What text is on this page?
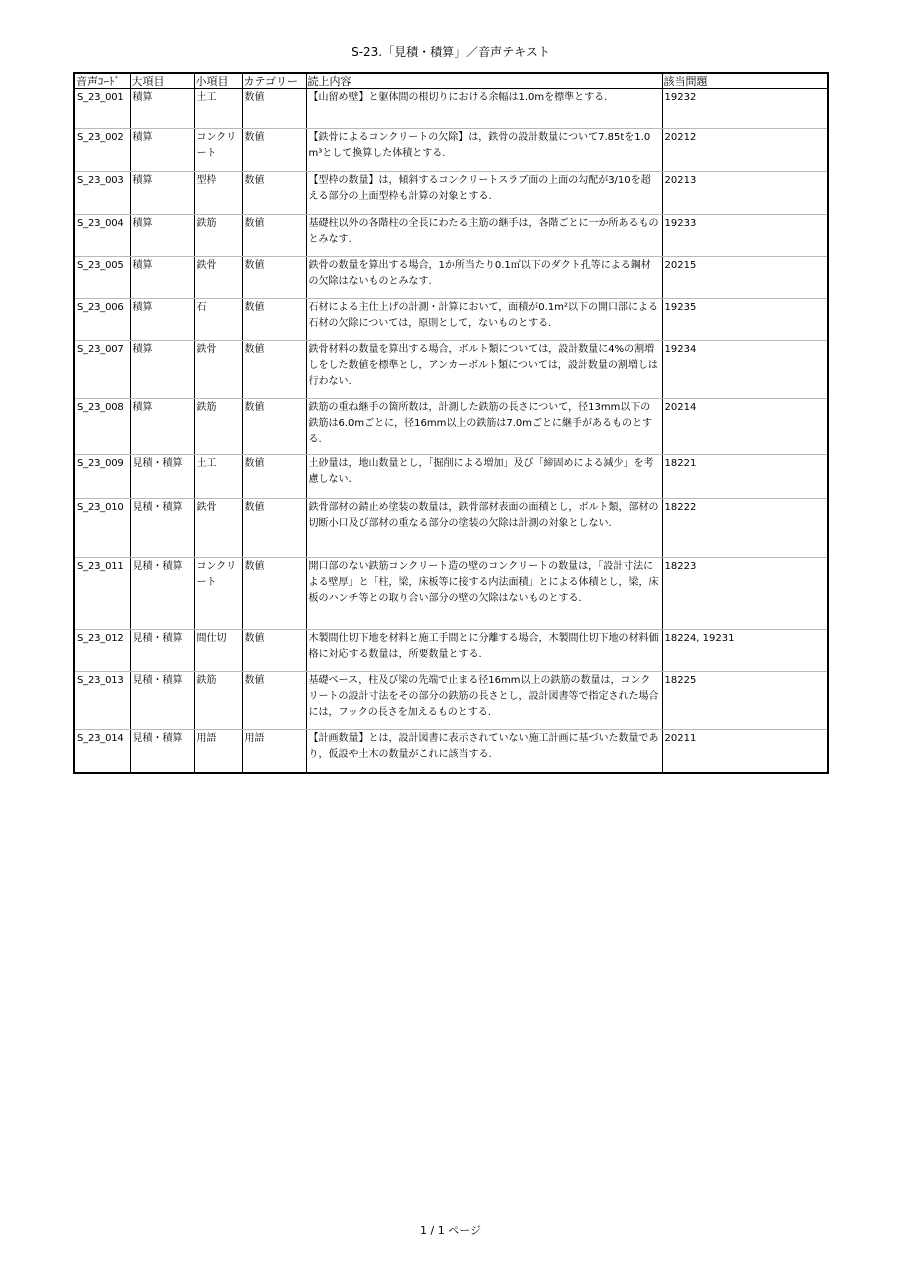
S-23.「見積・積算」／音声テキスト
音声ｺｰﾄﾞ	大項目	小項目	カテゴリー	読上内容	該当問題
S_23_001	積算	土工	数値	【山留め壁】と躯体間の根切りにおける余幅は1.0mを標準とする.	19232
S_23_002	積算	コンクリート	数値	【鉄骨によるコンクリートの欠除】は，鉄骨の設計数量について7.85tを1.0m³として換算した体積とする.	20212
S_23_003	積算	型枠	数値	【型枠の数量】は，傾斜するコンクリートスラブ面の上面の勾配が3/10を超える部分の上面型枠も計算の対象とする.	20213
S_23_004	積算	鉄筋	数値	基礎柱以外の各階柱の全長にわたる主筋の継手は，各階ごとに一か所あるものとみなす.	19233
S_23_005	積算	鉄骨	数値	鉄骨の数量を算出する場合，1か所当たり0.1㎡以下のダクト孔等による鋼材の欠除はないものとみなす.	20215
S_23_006	積算	石	数値	石材による主仕上げの計測・計算において，面積が0.1m²以下の開口部による石材の欠除については，原則として，ないものとする.	19235
S_23_007	積算	鉄骨	数値	鉄骨材料の数量を算出する場合，ボルト類については，設計数量に4%の割増しをした数値を標準とし，アンカーボルト類については，設計数量の割増しは行わない.	19234
S_23_008	積算	鉄筋	数値	鉄筋の重ね継手の箇所数は，計測した鉄筋の長さについて，径13mm以下の鉄筋は6.0mごとに，径16mm以上の鉄筋は7.0mごとに継手があるものとする.	20214
S_23_009	見積・積算	土工	数値	土砂量は，地山数量とし，「掘削による増加」及び「締固めによる減少」を考慮しない.	18221
S_23_010	見積・積算	鉄骨	数値	鉄骨部材の錆止め塗装の数量は，鉄骨部材表面の面積とし，ボルト類，部材の切断小口及び部材の重なる部分の塗装の欠除は計測の対象としない.	18222
S_23_011	見積・積算	コンクリート	数値	開口部のない鉄筋コンクリート造の壁のコンクリートの数量は，「設計寸法による壁厚」と「柱，梁，床板等に接する内法面積」とによる体積とし，梁，床板のハンチ等との取り合い部分の壁の欠除はないものとする.	18223
S_23_012	見積・積算	間仕切	数値	木製間仕切下地を材料と施工手間とに分離する場合，木製間仕切下地の材料価格に対応する数量は，所要数量とする.	18224, 19231
S_23_013	見積・積算	鉄筋	数値	基礎ベース，柱及び梁の先端で止まる径16mm以上の鉄筋の数量は，コンクリートの設計寸法をその部分の鉄筋の長さとし，設計図書等で指定された場合には，フックの長さを加えるものとする.	18225
S_23_014	見積・積算	用語	用語	【計画数量】とは，設計図書に表示されていない施工計画に基づいた数量であり，仮設や土木の数量がこれに該当する.	20211
1 / 1 ページ
